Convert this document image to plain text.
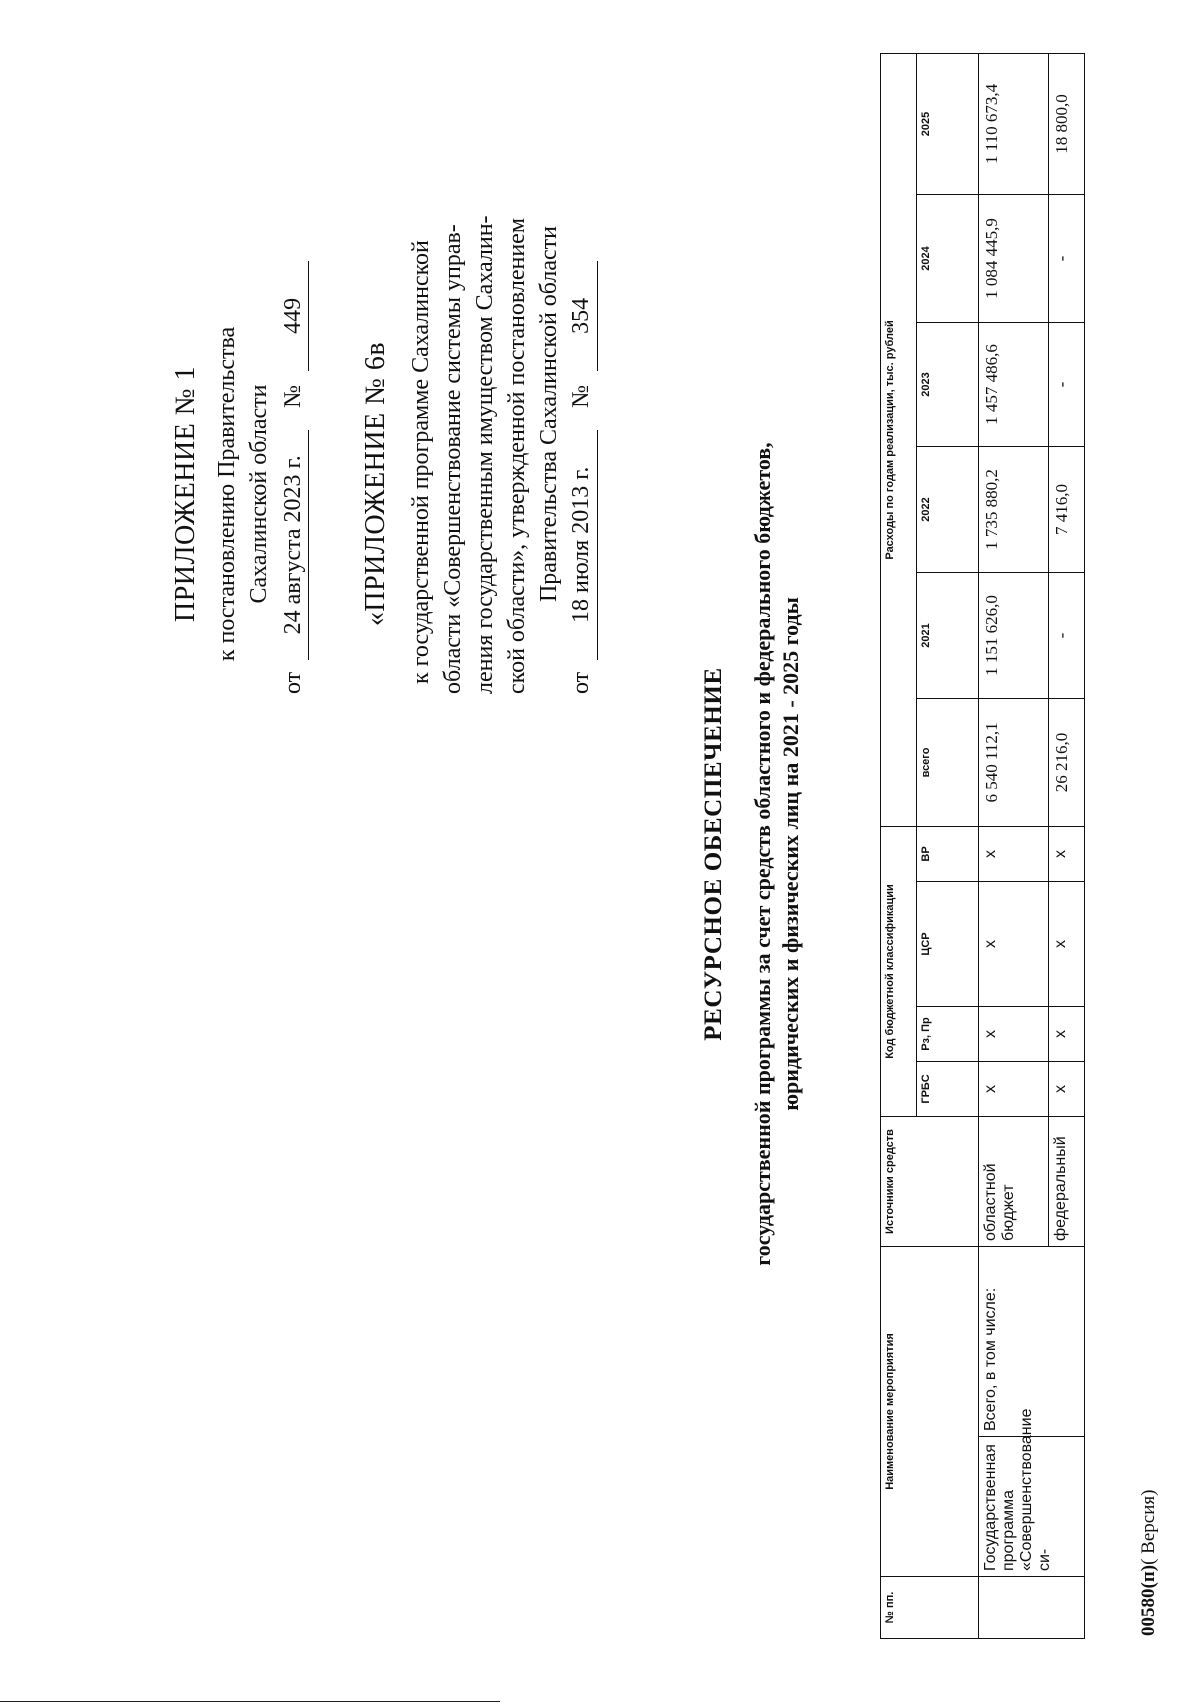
ПРИЛОЖЕНИЕ № 1 к постановлению Правительства Сахалинской области
от 24 августа 2023 г. № 449
«ПРИЛОЖЕНИЕ № 6в к государственной программе Сахалинской области «Совершенствование системы управ- ления государственным имуществом Сахалин- ской области», утвержденной постановлением Правительства Сахалинской области
от 18 июля 2013 г. № 354
РЕСУРСНОЕ ОБЕСПЕЧЕНИЕ государственной программы за счет средств областного и федерального бюджетов, юридических и физических лиц на 2021 - 2025 годы
№ пп.	Наименование мероприятия		Источники средств	Код бюджетной классификации				Расходы по годам реализации, тыс. рублей					
				ГРБС	Рз, Пр	ЦСР	ВР	всего	2021	2022	2023	2024	2025
	Государственная программа «Совершенствование си-	Всего, в том числе:	областной бюджет	х	х	х	х	6 540 112,1	1 151 626,0	1 735 880,2	1 457 486,6	1 084 445,9	1 110 673,4
			федеральный	х	х	х	х	26 216,0	-	7 416,0	-	-	18 800,0
00580(п)( Версия)
